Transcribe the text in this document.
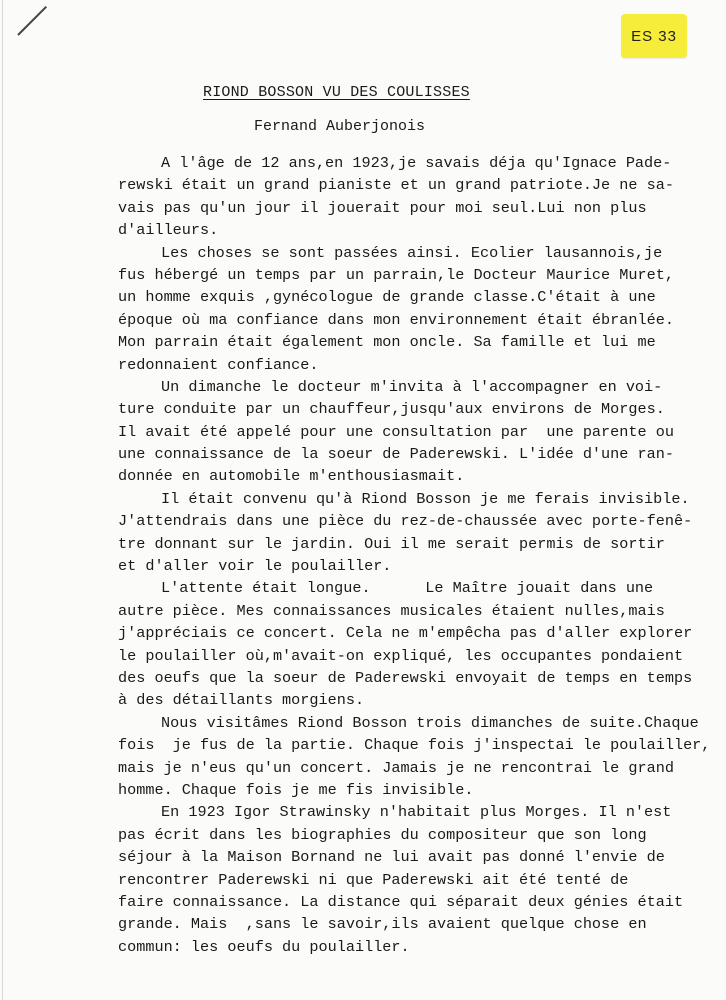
ES 33
RIOND BOSSON VU DES COULISSES
Fernand Auberjonois
A l'âge de 12 ans,en 1923,je savais déja qu'Ignace Pade-
rewski était un grand pianiste et un grand patriote.Je ne sa-
vais pas qu'un jour il jouerait pour moi seul.Lui non plus
d'ailleurs.
Les choses se sont passées ainsi. Ecolier lausannois,je
fus hébergé un temps par un parrain,le Docteur Maurice Muret,
un homme exquis ,gynécologue de grande classe.C'était à une
époque où ma confiance dans mon environnement était ébranlée.
Mon parrain était également mon oncle. Sa famille et lui me
redonnaient confiance.
Un dimanche le docteur m'invita à l'accompagner en voi-
ture conduite par un chauffeur,jusqu'aux environs de Morges.
Il avait été appelé pour une consultation par  une parente ou
une connaissance de la soeur de Paderewski. L'idée d'une ran-
donnée en automobile m'enthousiasmait.
Il était convenu qu'à Riond Bosson je me ferais invisible.
J'attendrais dans une pièce du rez-de-chaussée avec porte-fenê-
tre donnant sur le jardin. Oui il me serait permis de sortir
et d'aller voir le poulailler.
L'attente était longue.      Le Maître jouait dans une
autre pièce. Mes connaissances musicales étaient nulles,mais
j'appréciais ce concert. Cela ne m'empêcha pas d'aller explorer
le poulailler où,m'avait-on expliqué, les occupantes pondaient
des oeufs que la soeur de Paderewski envoyait de temps en temps
à des détaillants morgiens.
Nous visitâmes Riond Bosson trois dimanches de suite.Chaque
fois  je fus de la partie. Chaque fois j'inspectai le poulailler,
mais je n'eus qu'un concert. Jamais je ne rencontrai le grand
homme. Chaque fois je me fis invisible.
En 1923 Igor Strawinsky n'habitait plus Morges. Il n'est
pas écrit dans les biographies du compositeur que son long
séjour à la Maison Bornand ne lui avait pas donné l'envie de
rencontrer Paderewski ni que Paderewski ait été tenté de
faire connaissance. La distance qui séparait deux génies était
grande. Mais  ,sans le savoir,ils avaient quelque chose en
commun: les oeufs du poulailler.
